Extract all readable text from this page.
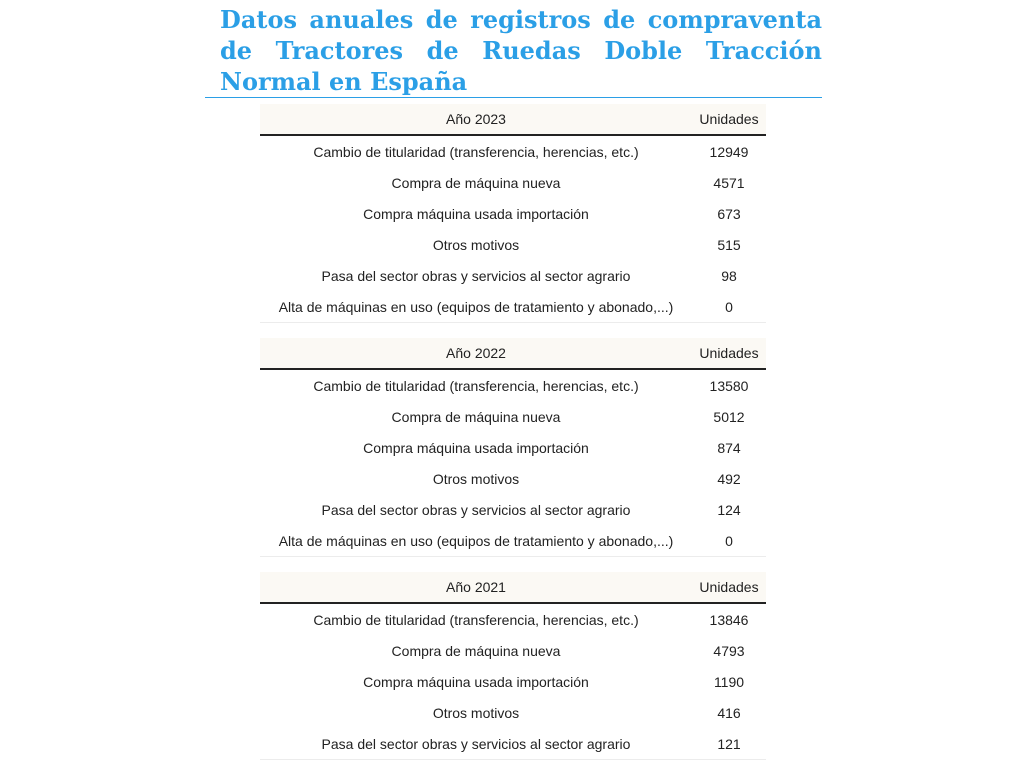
Datos anuales de registros de compraventa de Tractores de Ruedas Doble Tracción Normal en España
Año 2023	Unidades
Cambio de titularidad (transferencia, herencias, etc.)	12949
Compra de máquina nueva	4571
Compra máquina usada importación	673
Otros motivos	515
Pasa del sector obras y servicios al sector agrario	98
Alta de máquinas en uso (equipos de tratamiento y abonado,...)	0
Año 2022	Unidades
Cambio de titularidad (transferencia, herencias, etc.)	13580
Compra de máquina nueva	5012
Compra máquina usada importación	874
Otros motivos	492
Pasa del sector obras y servicios al sector agrario	124
Alta de máquinas en uso (equipos de tratamiento y abonado,...)	0
Año 2021	Unidades
Cambio de titularidad (transferencia, herencias, etc.)	13846
Compra de máquina nueva	4793
Compra máquina usada importación	1190
Otros motivos	416
Pasa del sector obras y servicios al sector agrario	121
